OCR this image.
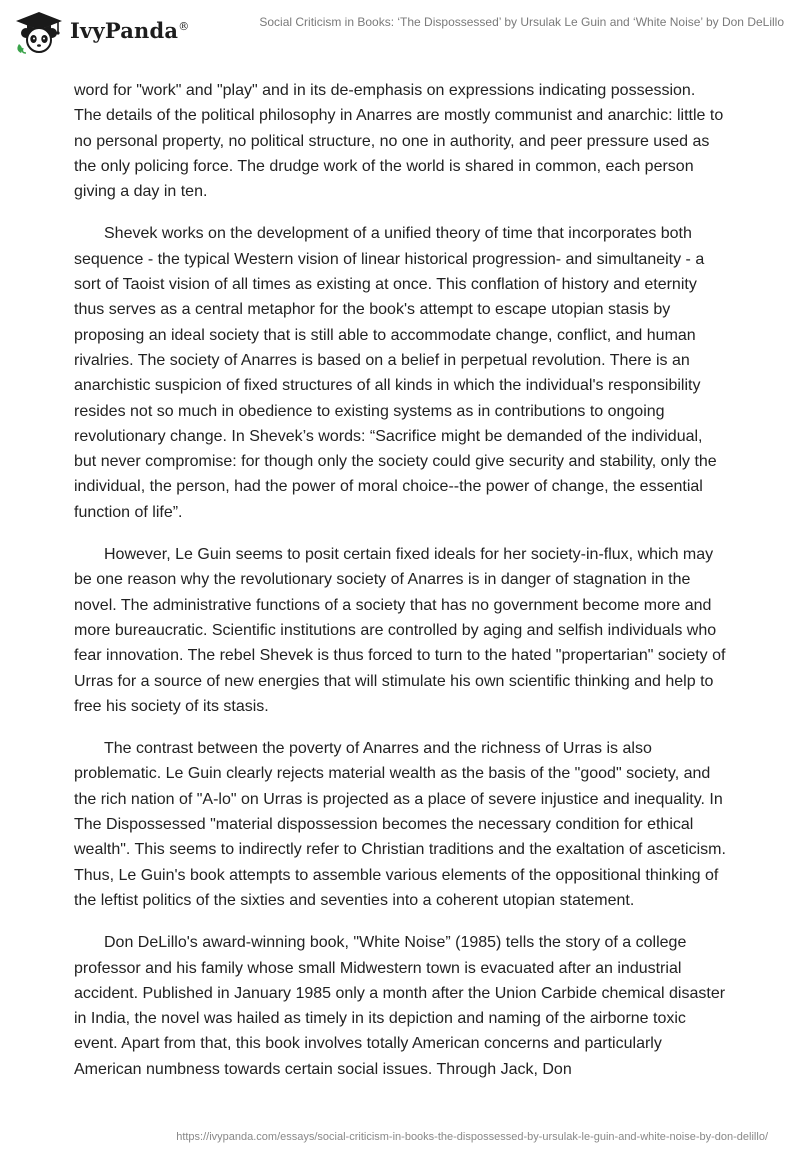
IvyPanda®	Social Criticism in Books: ‘The Dispossessed’ by Ursulak Le Guin and ‘White Noise’ by Don DeLillo

word for "work" and "play" and in its de-emphasis on expressions indicating possession. The details of the political philosophy in Anarres are mostly communist and anarchic: little to no personal property, no political structure, no one in authority, and peer pressure used as the only policing force. The drudge work of the world is shared in common, each person giving a day in ten.

Shevek works on the development of a unified theory of time that incorporates both sequence - the typical Western vision of linear historical progression- and simultaneity - a sort of Taoist vision of all times as existing at once. This conflation of history and eternity thus serves as a central metaphor for the book's attempt to escape utopian stasis by proposing an ideal society that is still able to accommodate change, conflict, and human rivalries. The society of Anarres is based on a belief in perpetual revolution. There is an anarchistic suspicion of fixed structures of all kinds in which the individual's responsibility resides not so much in obedience to existing systems as in contributions to ongoing revolutionary change. In Shevek’s words: “Sacrifice might be demanded of the individual, but never compromise: for though only the society could give security and stability, only the individual, the person, had the power of moral choice--the power of change, the essential function of life”.

However, Le Guin seems to posit certain fixed ideals for her society-in-flux, which may be one reason why the revolutionary society of Anarres is in danger of stagnation in the novel. The administrative functions of a society that has no government become more and more bureaucratic. Scientific institutions are controlled by aging and selfish individuals who fear innovation. The rebel Shevek is thus forced to turn to the hated "propertarian" society of Urras for a source of new energies that will stimulate his own scientific thinking and help to free his society of its stasis.

The contrast between the poverty of Anarres and the richness of Urras is also problematic. Le Guin clearly rejects material wealth as the basis of the "good" society, and the rich nation of "A-lo" on Urras is projected as a place of severe injustice and inequality. In The Dispossessed "material dispossession becomes the necessary condition for ethical wealth". This seems to indirectly refer to Christian traditions and the exaltation of asceticism. Thus, Le Guin's book attempts to assemble various elements of the oppositional thinking of the leftist politics of the sixties and seventies into a coherent utopian statement.

Don DeLillo's award-winning book, "White Noise” (1985) tells the story of a college professor and his family whose small Midwestern town is evacuated after an industrial accident. Published in January 1985 only a month after the Union Carbide chemical disaster in India, the novel was hailed as timely in its depiction and naming of the airborne toxic event. Apart from that, this book involves totally American concerns and particularly American numbness towards certain social issues. Through Jack, Don

https://ivypanda.com/essays/social-criticism-in-books-the-dispossessed-by-ursulak-le-guin-and-white-noise-by-don-delillo/
